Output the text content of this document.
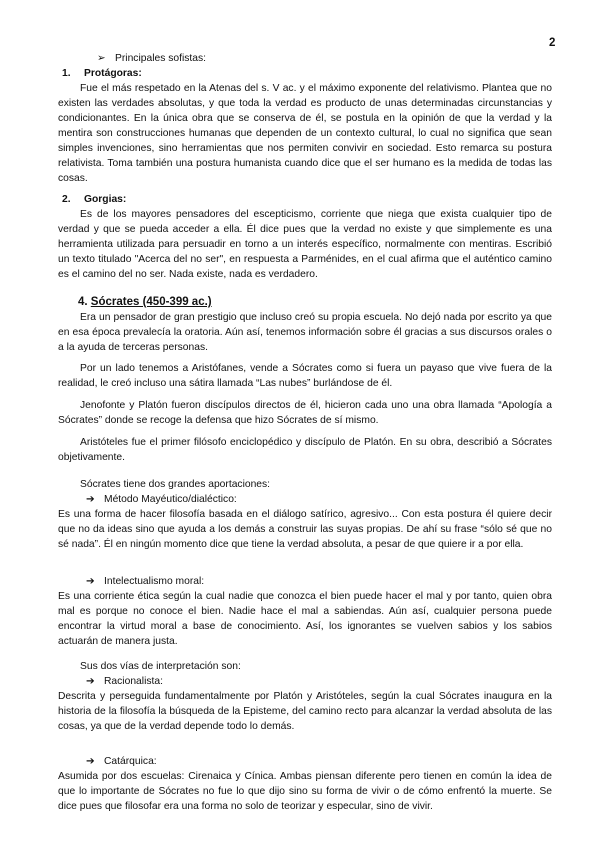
2
➢ Principales sofistas:
1. Protágoras:

Fue el más respetado en la Atenas del s. V ac. y el máximo exponente del relativismo. Plantea que no existen las verdades absolutas, y que toda la verdad es producto de unas determinadas circunstancias y condicionantes. En la única obra que se conserva de él, se postula en la opinión de que la verdad y la mentira son construcciones humanas que dependen de un contexto cultural, lo cual no significa que sean simples invenciones, sino herramientas que nos permiten convivir en sociedad. Esto remarca su postura relativista. Toma también una postura humanista cuando dice que el ser humano es la medida de todas las cosas.

2. Gorgias:

Es de los mayores pensadores del escepticismo, corriente que niega que exista cualquier tipo de verdad y que se pueda acceder a ella. Él dice pues que la verdad no existe y que simplemente es una herramienta utilizada para persuadir en torno a un interés específico, normalmente con mentiras. Escribió un texto titulado "Acerca del no ser", en respuesta a Parménides, en el cual afirma que el auténtico camino es el camino del no ser. Nada existe, nada es verdadero.

4. Sócrates (450-399 ac.)

Era un pensador de gran prestigio que incluso creó su propia escuela. No dejó nada por escrito ya que en esa época prevalecía la oratoria. Aún así, tenemos información sobre él gracias a sus discursos orales o a la ayuda de terceras personas.

Por un lado tenemos a Aristófanes, vende a Sócrates como si fuera un payaso que vive fuera de la realidad, le creó incluso una sátira llamada “Las nubes” burlándose de él.

Jenofonte y Platón fueron discípulos directos de él, hicieron cada uno una obra llamada “Apología a Sócrates” donde se recoge la defensa que hizo Sócrates de sí mismo.

Aristóteles fue el primer filósofo enciclopédico y discípulo de Platón. En su obra, describió a Sócrates objetivamente.

Sócrates tiene dos grandes aportaciones:
➔ Método Mayéutico/dialéctico:

Es una forma de hacer filosofía basada en el diálogo satírico, agresivo... Con esta postura él quiere decir que no da ideas sino que ayuda a los demás a construir las suyas propias. De ahí su frase “sólo sé que no sé nada”. Él en ningún momento dice que tiene la verdad absoluta, a pesar de que quiere ir a por ella.

➔ Intelectualismo moral:

Es una corriente ética según la cual nadie que conozca el bien puede hacer el mal y por tanto, quien obra mal es porque no conoce el bien. Nadie hace el mal a sabiendas. Aún así, cualquier persona puede encontrar la virtud moral a base de conocimiento. Así, los ignorantes se vuelven sabios y los sabios actuarán de manera justa.

Sus dos vías de interpretación son:
➔ Racionalista:

Descrita y perseguida fundamentalmente por Platón y Aristóteles, según la cual Sócrates inaugura en la historia de la filosofía la búsqueda de la Episteme, del camino recto para alcanzar la verdad absoluta de las cosas, ya que de la verdad depende todo lo demás.

➔ Catárquica:

Asumida por dos escuelas: Cirenaica y Cínica. Ambas piensan diferente pero tienen en común la idea de que lo importante de Sócrates no fue lo que dijo sino su forma de vivir o de cómo enfrentó la muerte. Se dice pues que filosofar era una forma no solo de teorizar y especular, sino de vivir.
